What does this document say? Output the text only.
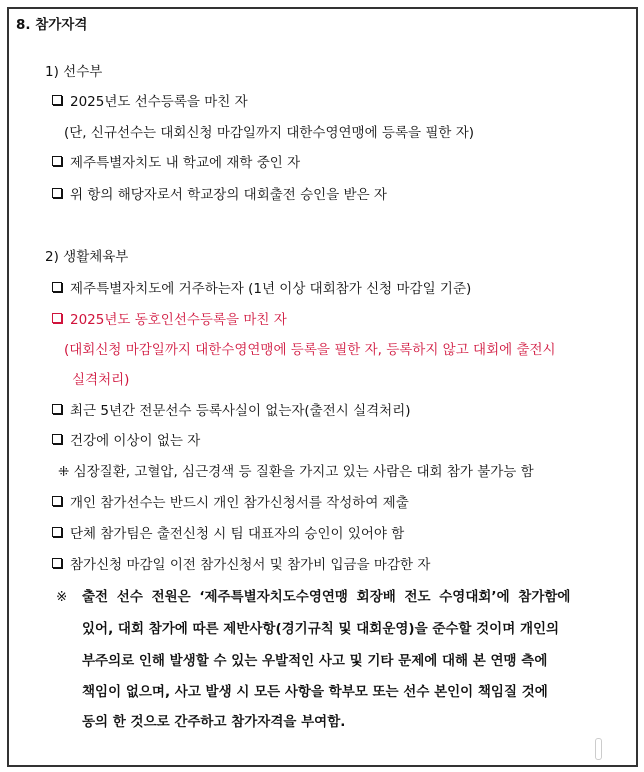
8. 참가자격
1) 선수부
2025년도 선수등록을 마친 자
(단, 신규선수는 대회신청 마감일까지 대한수영연맹에 등록을 필한 자)
제주특별자치도 내 학교에 재학 중인 자
위 항의 해당자로서 학교장의 대회출전 승인을 받은 자
2) 생활체육부
제주특별자치도에 거주하는자 (1년 이상 대회참가 신청 마감일 기준)
2025년도 동호인선수등록을 마친 자
(대회신청 마감일까지 대한수영연맹에 등록을 필한 자, 등록하지 않고 대회에 출전시
실격처리)
최근 5년간 전문선수 등록사실이 없는자(출전시 실격처리)
건강에 이상이 없는 자
⁜ 심장질환, 고혈압, 심근경색 등 질환을 가지고 있는 사람은 대회 참가 불가능 함
개인 참가선수는 반드시 개인 참가신청서를 작성하여 제출
단체 참가팀은 출전신청 시 팀 대표자의 승인이 있어야 함
참가신청 마감일 이전 참가신청서 및 참가비 입금을 마감한 자
※ 출전 선수 전원은 ‘제주특별자치도수영연맹 회장배 전도 수영대회’에 참가함에
있어, 대회 참가에 따른 제반사항(경기규칙 및 대회운영)을 준수할 것이며 개인의
부주의로 인해 발생할 수 있는 우발적인 사고 및 기타 문제에 대해 본 연맹 측에
책임이 없으며, 사고 발생 시 모든 사항을 학부모 또는 선수 본인이 책임질 것에
동의 한 것으로 간주하고 참가자격을 부여함.
